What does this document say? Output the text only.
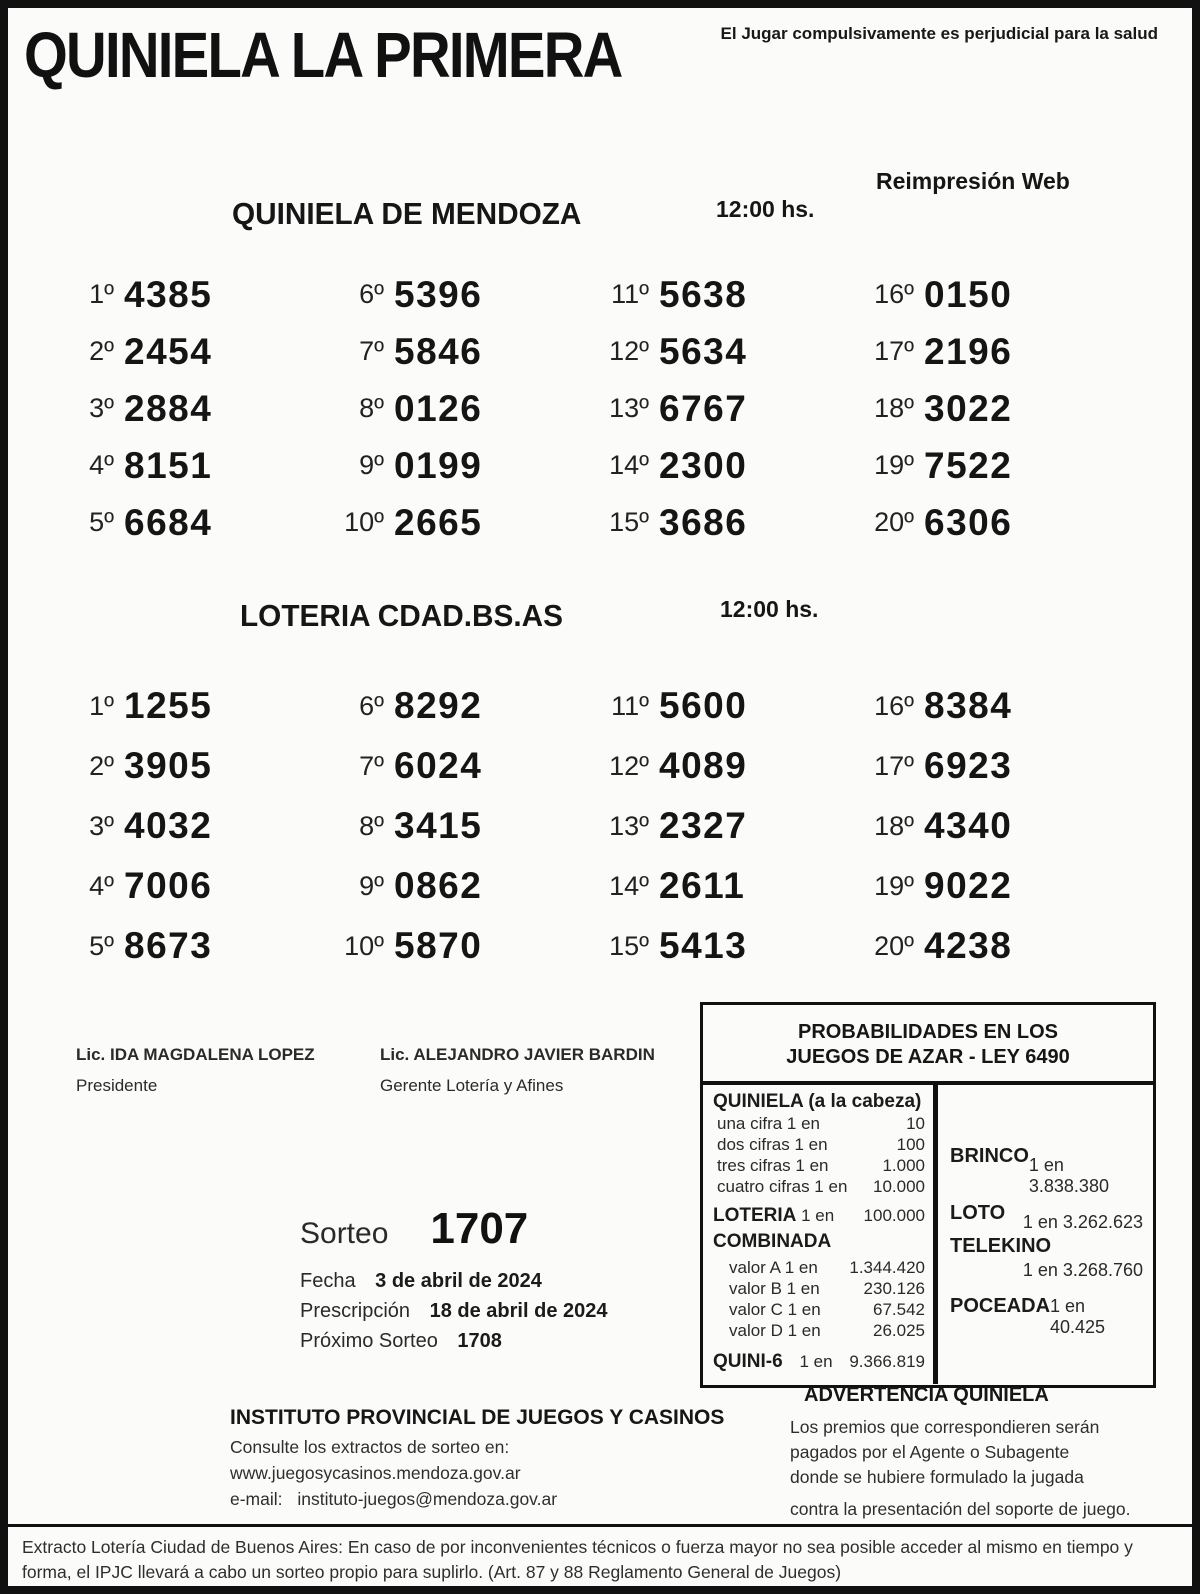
QUINIELA LA PRIMERA	El Jugar compulsivamente es perjudicial para la salud
QUINIELA DE MENDOZA	12:00 hs.
Reimpresión Web
1º 4385
2º 2454
3º 2884
4º 8151
5º 6684
6º 5396
7º 5846
8º 0126
9º 0199
10º 2665
11º 5638
12º 5634
13º 6767
14º 2300
15º 3686
16º 0150
17º 2196
18º 3022
19º 7522
20º 6306
LOTERIA CDAD.BS.AS	12:00 hs.
1º 1255
2º 3905
3º 4032
4º 7006
5º 8673
6º 8292
7º 6024
8º 3415
9º 0862
10º 5870
11º 5600
12º 4089
13º 2327
14º 2611
15º 5413
16º 8384
17º 6923
18º 4340
19º 9022
20º 4238
Lic. IDA MAGDALENA LOPEZ
Presidente
Lic. ALEJANDRO JAVIER BARDIN
Gerente Lotería y Afines
Sorteo 1707
Fecha 3 de abril de 2024
Prescripción 18 de abril de 2024
Próximo Sorteo 1708
PROBABILIDADES EN LOS
JUEGOS DE AZAR - LEY 6490
QUINIELA (a la cabeza)
una cifra 1 en	10
dos cifras 1 en	100
tres cifras 1 en	1.000
cuatro cifras 1 en 10.000
LOTERIA 1 en 100.000
COMBINADA
valor A 1 en 1.344.420
valor B 1 en	230.126
valor C 1 en	67.542
valor D 1 en	26.025
QUINI-6 1 en 9.366.819
BRINCO 1 en 3.838.380
LOTO 1 en 3.262.623
TELEKINO
1 en 3.268.760
POCEADA 1 en 40.425
ADVERTENCIA QUINIELA
Los premios que correspondieren serán
pagados por el Agente o Subagente
donde se hubiere formulado la jugada
contra la presentación del soporte de juego.
INSTITUTO PROVINCIAL DE JUEGOS Y CASINOS
Consulte los extractos de sorteo en:
www.juegosycasinos.mendoza.gov.ar
e-mail: instituto-juegos@mendoza.gov.ar
Extracto Lotería Ciudad de Buenos Aires: En caso de por inconvenientes técnicos o fuerza mayor no sea posible acceder al mismo en tiempo y forma, el IPJC llevará a cabo un sorteo propio para suplirlo. (Art. 87 y 88 Reglamento General de Juegos)
